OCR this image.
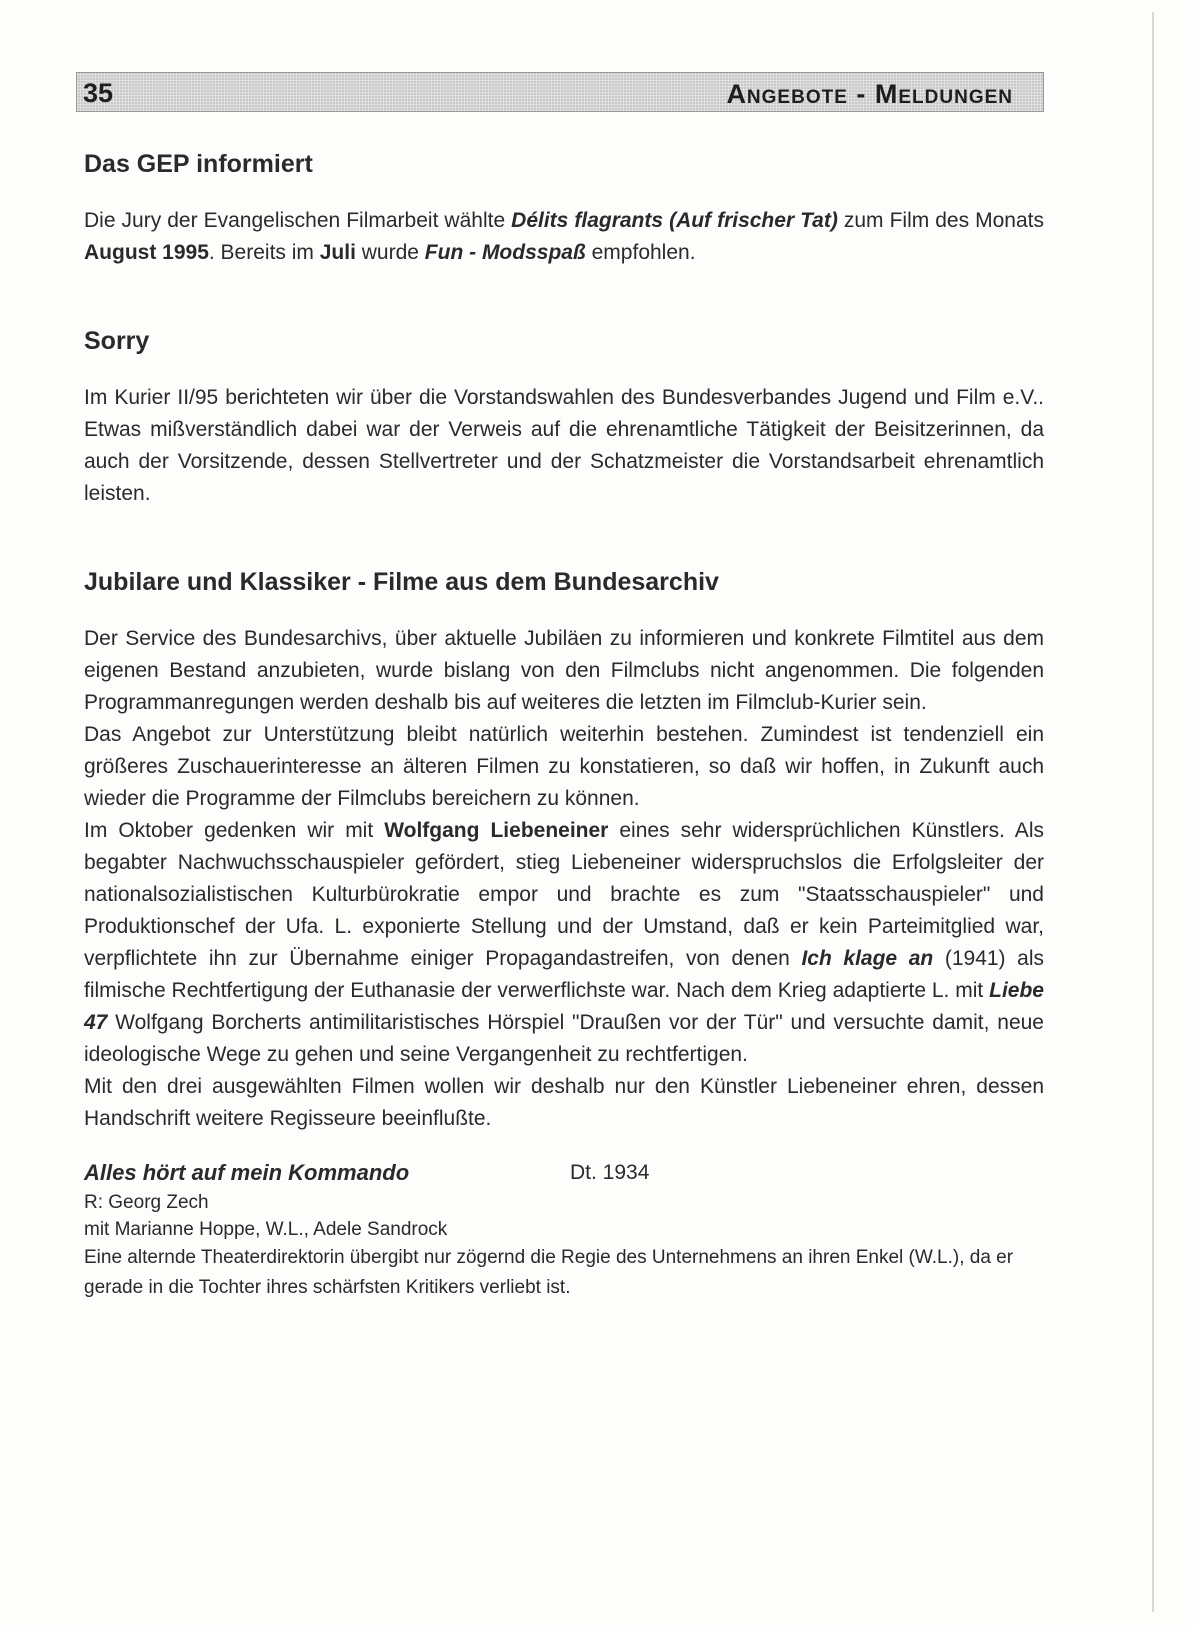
35	Angebote - Meldungen
Das GEP informiert

Die Jury der Evangelischen Filmarbeit wählte Délits flagrants (Auf frischer Tat) zum Film des Monats August 1995. Bereits im Juli wurde Fun - Modsspaß empfohlen.

Sorry

Im Kurier II/95 berichteten wir über die Vorstandswahlen des Bundesverbandes Jugend und Film e.V.. Etwas mißverständlich dabei war der Verweis auf die ehrenamtliche Tätigkeit der Beisitzerinnen, da auch der Vorsitzende, dessen Stellvertreter und der Schatzmeister die Vorstandsarbeit ehrenamtlich leisten.

Jubilare und Klassiker - Filme aus dem Bundesarchiv

Der Service des Bundesarchivs, über aktuelle Jubiläen zu informieren und konkrete Filmtitel aus dem eigenen Bestand anzubieten, wurde bislang von den Filmclubs nicht angenommen. Die folgenden Programmanregungen werden deshalb bis auf weiteres die letzten im Filmclub-Kurier sein.

Das Angebot zur Unterstützung bleibt natürlich weiterhin bestehen. Zumindest ist tendenziell ein größeres Zuschauerinteresse an älteren Filmen zu konstatieren, so daß wir hoffen, in Zukunft auch wieder die Programme der Filmclubs bereichern zu können.

Im Oktober gedenken wir mit Wolfgang Liebeneiner eines sehr widersprüchlichen Künstlers. Als begabter Nachwuchsschauspieler gefördert, stieg Liebeneiner widerspruchslos die Erfolgsleiter der nationalsozialistischen Kulturbürokratie empor und brachte es zum "Staatsschauspieler" und Produktionschef der Ufa. L. exponierte Stellung und der Umstand, daß er kein Parteimitglied war, verpflichtete ihn zur Übernahme einiger Propagandastreifen, von denen Ich klage an (1941) als filmische Rechtfertigung der Euthanasie der verwerflichste war. Nach dem Krieg adaptierte L. mit Liebe 47 Wolfgang Borcherts antimilitaristisches Hörspiel "Draußen vor der Tür" und versuchte damit, neue ideologische Wege zu gehen und seine Vergangenheit zu rechtfertigen.

Mit den drei ausgewählten Filmen wollen wir deshalb nur den Künstler Liebeneiner ehren, dessen Handschrift weitere Regisseure beeinflußte.

Alles hört auf mein Kommando	Dt. 1934
R: Georg Zech
mit Marianne Hoppe, W.L., Adele Sandrock

Eine alternde Theaterdirektorin übergibt nur zögernd die Regie des Unternehmens an ihren Enkel (W.L.), da er gerade in die Tochter ihres schärfsten Kritikers verliebt ist.
